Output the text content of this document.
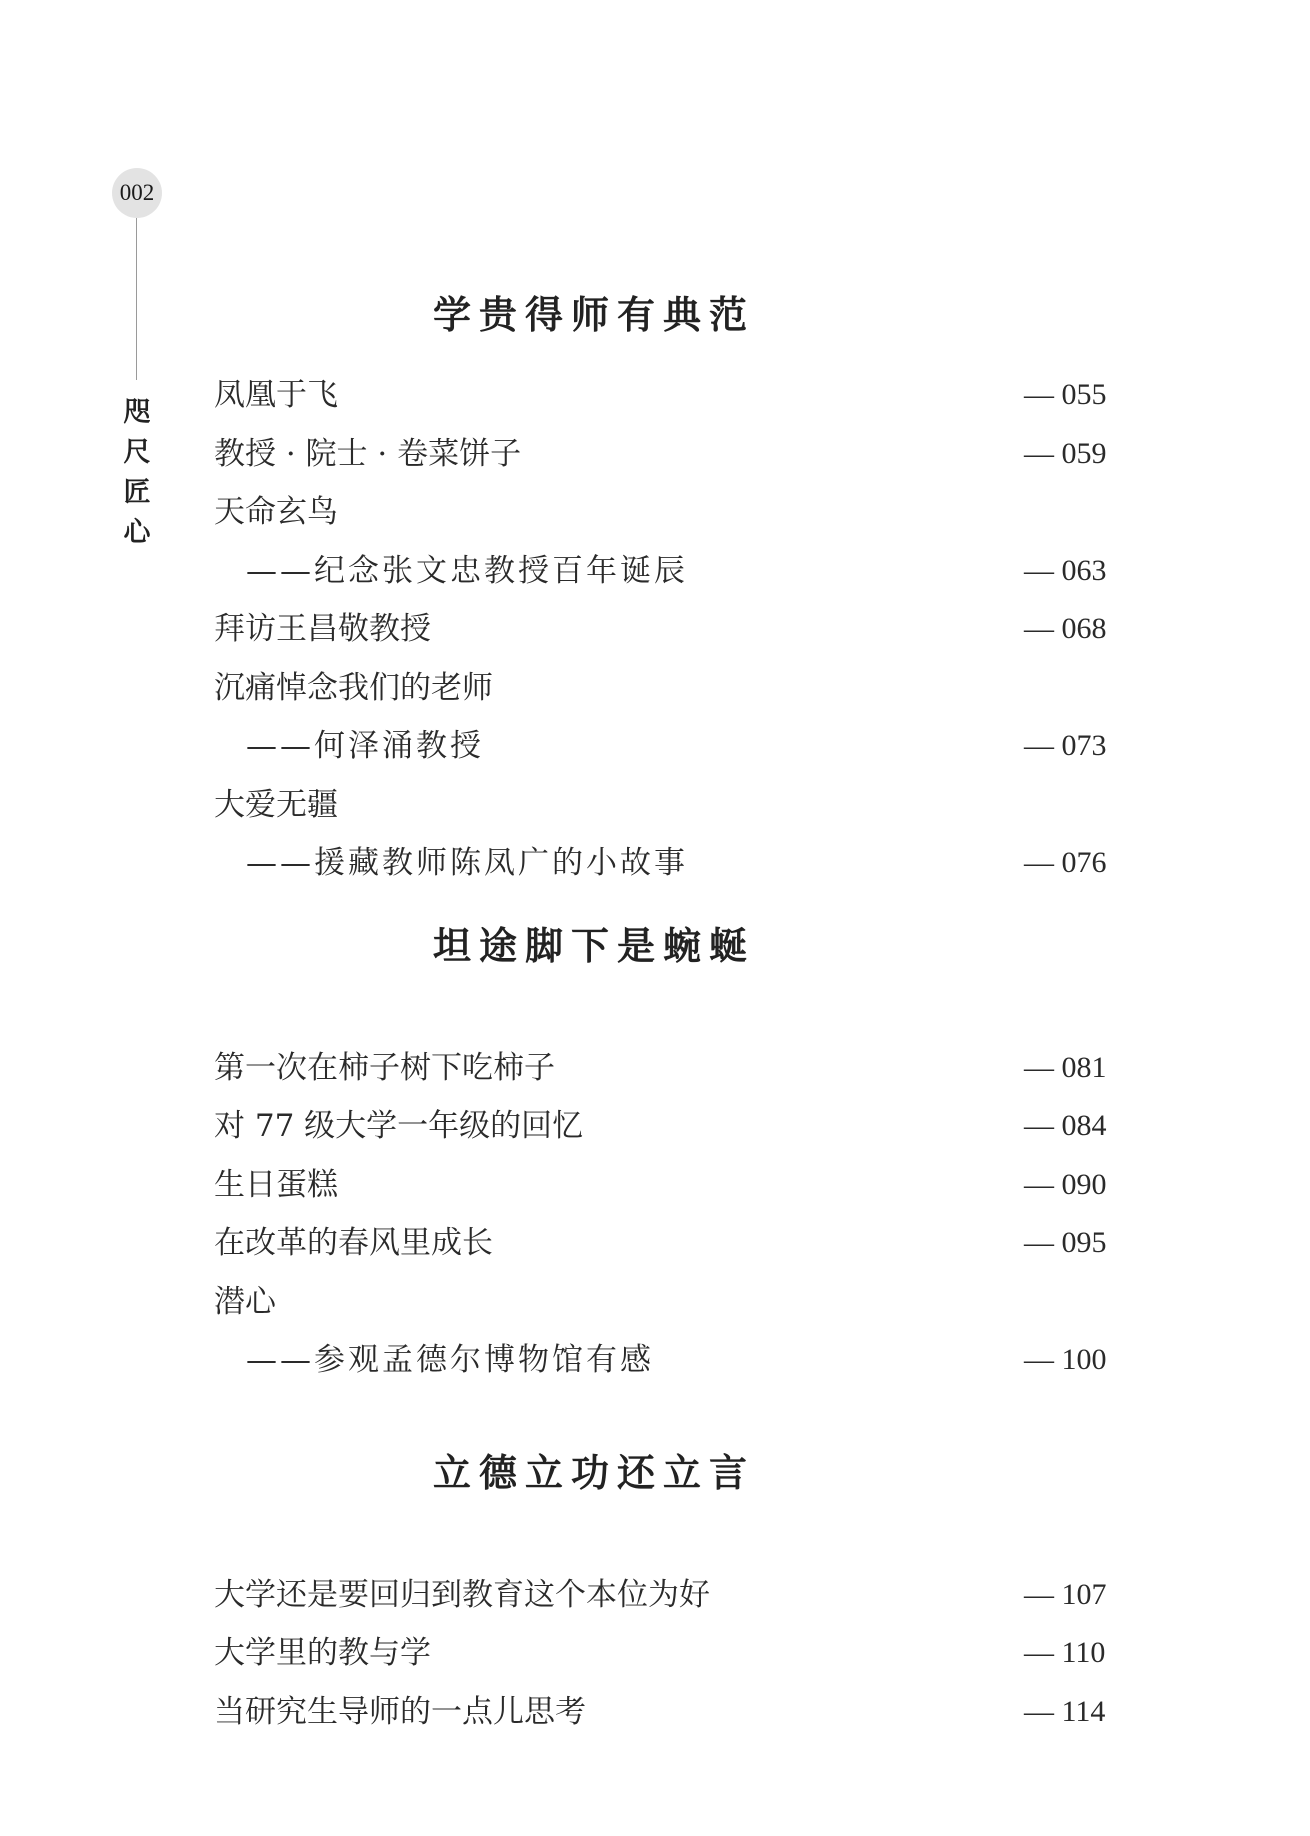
002
咫
尺
匠
心
学贵得师有典范
凤凰于飞	— 055
教授 · 院士 · 卷菜饼子	— 059
天命玄鸟
——纪念张文忠教授百年诞辰	— 063
拜访王昌敬教授	— 068
沉痛悼念我们的老师
——何泽涌教授	— 073
大爱无疆
——援藏教师陈凤广的小故事	— 076
坦途脚下是蜿蜒
第一次在柿子树下吃柿子	— 081
对 77 级大学一年级的回忆	— 084
生日蛋糕	— 090
在改革的春风里成长	— 095
潜心
——参观孟德尔博物馆有感	— 100
立德立功还立言
大学还是要回归到教育这个本位为好	— 107
大学里的教与学	— 110
当研究生导师的一点儿思考	— 114
